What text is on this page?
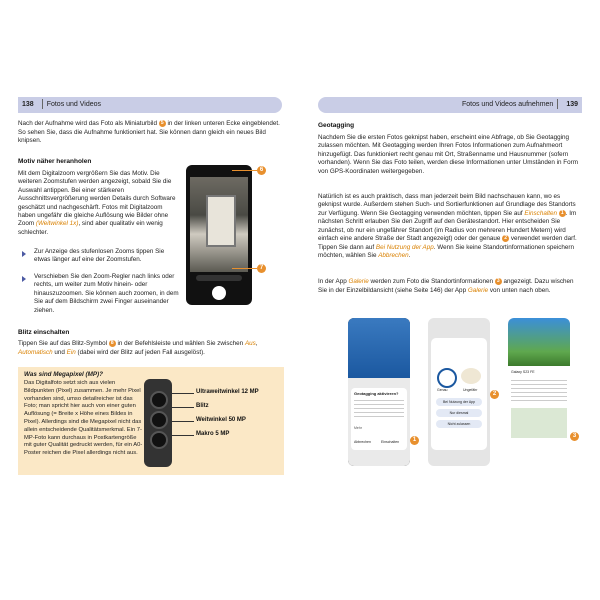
138 Fotos und Videos
Nach der Aufnahme wird das Foto als Miniaturbild 5 in der linken unteren Ecke eingeblendet. So sehen Sie, dass die Aufnahme funktioniert hat. Sie können dann gleich ein neues Bild knipsen.
Motiv näher heranholen
Mit dem Digitalzoom vergrößern Sie das Motiv. Die weiteren Zoomstufen werden angezeigt, sobald Sie die Auswahl antippen. Bei einer stärkeren Ausschnittsvergrößerung werden Details durch Software geschätzt und nachgeschärft. Fotos mit Digitalzoom haben ungefähr die gleiche Auflösung wie Bilder ohne Zoom (Weitwinkel 1x), sind aber qualitativ ein wenig schlechter.
6
7
Zur Anzeige des stufenlosen Zooms tippen Sie etwas länger auf eine der Zoomstufen.
Verschieben Sie den Zoom-Regler nach links oder rechts, um weiter zum Motiv hinein- oder hinauszuzoomen. Sie können auch zoomen, in dem Sie auf dem Bildschirm zwei Finger auseinander ziehen.
Blitz einschalten
Tippen Sie auf das Blitz-Symbol 8 in der Befehlsleiste und wählen Sie zwischen Aus, Automatisch und Ein (dabei wird der Blitz auf jeden Fall ausgelöst).
Was sind Megapixel (MP)?
Das Digitalfoto setzt sich aus vielen Bildpunkten (Pixel) zusammen. Je mehr Pixel vorhanden sind, umso detailreicher ist das Foto; man spricht hier auch von einer guten Auflösung (= Breite x Höhe eines Bildes in Pixel). Allerdings sind die Megapixel nicht das allein entscheidende Qualitätsmerkmal. Ein 7-MP-Foto kann durchaus in Postkartengröße mit guter Qualität gedruckt werden, für ein A0-Poster reichen die Pixel allerdings nicht aus.
Ultraweitwinkel 12 MP
Blitz
Weitwinkel 50 MP
Makro 5 MP
Fotos und Videos aufnehmen 139
Geotagging
Nachdem Sie die ersten Fotos geknipst haben, erscheint eine Abfrage, ob Sie Geotagging zulassen möchten. Mit Geotagging werden Ihren Fotos Informationen zum Aufnahmeort hinzugefügt. Das funktioniert recht genau mit Ort, Straßenname und Hausnummer (sofern vorhanden). Wenn Sie das Foto teilen, werden diese Informationen unter Umständen in Form von GPS-Koordinaten weitergegeben.
Natürlich ist es auch praktisch, dass man jederzeit beim Bild nachschauen kann, wo es geknipst wurde. Außerdem stehen Such- und Sortierfunktionen auf Grundlage des Standorts zur Verfügung. Wenn Sie Geotagging verwenden möchten, tippen Sie auf Einschalten 1 . Im nächsten Schritt erlauben Sie den Zugriff auf den Gerätestandort. Hier entscheiden Sie zunächst, ob nur ein ungefährer Standort (im Radius von mehreren Hundert Metern) wird einfach eine andere Straße der Stadt angezeigt) oder der genaue 2 verwendet werden darf. Tippen Sie dann auf Bei Nutzung der App. Wenn Sie keine Standortinformationen speichern möchten, wählen Sie Abbrechen.
In der App Galerie werden zum Foto die Standortinformationen 3 angezeigt. Dazu wischen Sie in der Einzelbildansicht (siehe Seite 146) der App Galerie von unten nach oben.
Geotagging aktivieren?
Mehr
Abbrechen	Einschalten	1
Genau	Ungefähr
Bei Nutzung der App
Nur diesmal
Nicht zulassen
2
Galaxy S23 FE
3
